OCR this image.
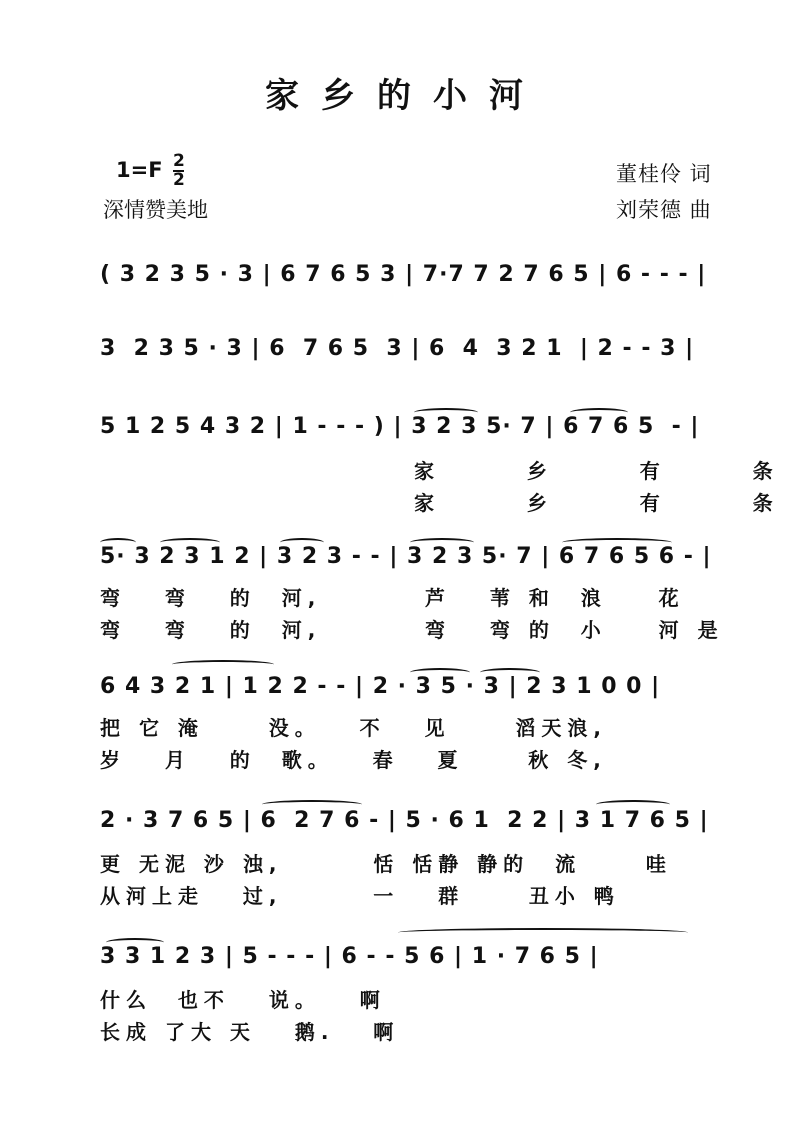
家乡的小河
1=F 2
2
深情赞美地
董桂伶 词
刘荣德 曲
( 3 2 3 5 · 3 | 6 7 6 5 3 | 7·7 7 2 7 6 5 | 6 - - - |
3  2 3 5 · 3 | 6  7 6 5  3 | 6  4  3 2 1  | 2 - - 3 |
5 1 2 5 4 3 2 | 1 - - - ) | 3 2 3 5· 7 | 6 7 6 5  - |
家   乡   有   条
家   乡   有   条
5· 3 2 3 1 2 | 3 2 3 - - | 3 2 3 5· 7 | 6 7 6 5 6 - |
弯   弯   的  河,        芦   苇 和  浪    花
弯   弯   的  河,        弯   弯 的  小    河 是
6 4 3 2 1 | 1 2 2 - - | 2 · 3 5 · 3 | 2 3 1 0 0 |
把 它 淹     没。   不   见     滔天浪,
岁   月   的  歌。   春   夏     秋 冬,
2 · 3 7 6 5 | 6  2 7 6 - | 5 · 6 1  2 2 | 3 1 7 6 5 |
更 无泥 沙 浊,       恬 恬静 静的  流     哇
从河上走   过,       一   群     丑小 鸭
3 3 1 2 3 | 5 - - - | 6 - - 5 6 | 1 · 7 6 5 |
什么  也不   说。   啊
长成 了大 天   鹅.   啊
